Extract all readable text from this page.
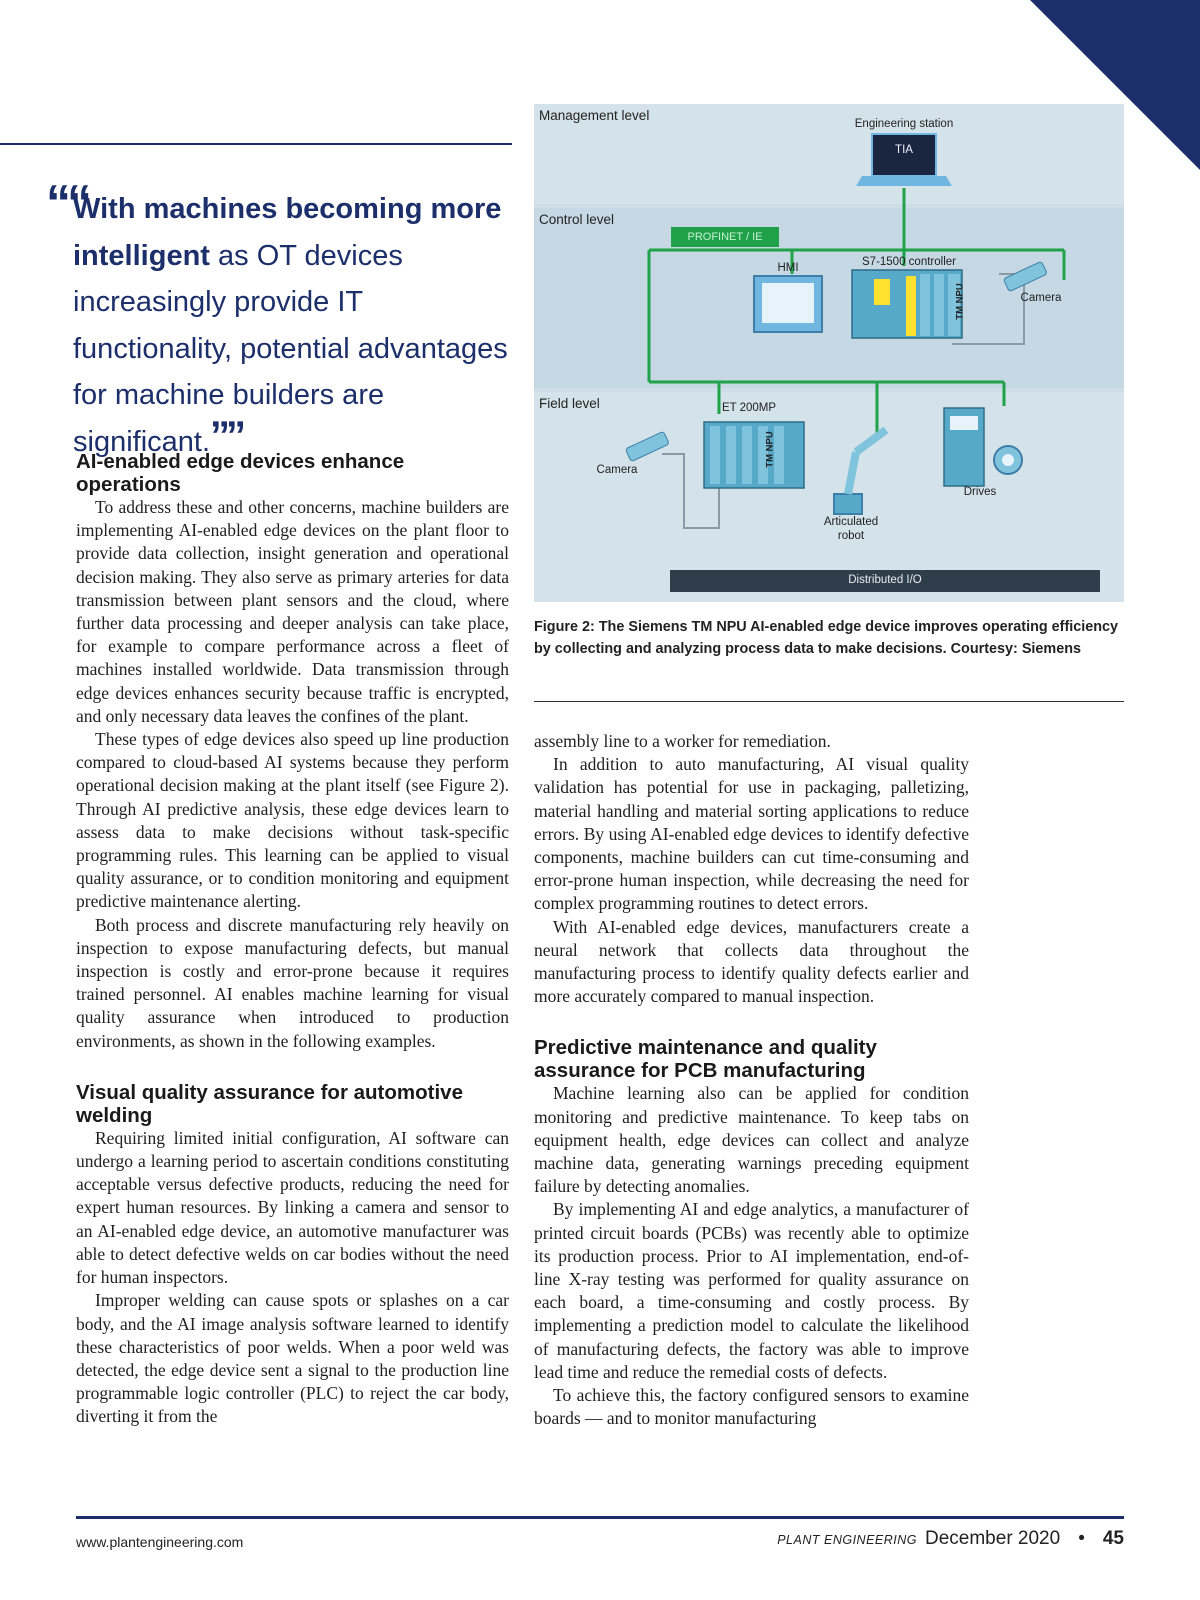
““
With machines becoming more intelligent as OT devices increasingly provide IT functionality, potential advantages for machine builders are significant.””
AI-enabled edge devices enhance operations

To address these and other concerns, machine builders are implementing AI-enabled edge devices on the plant floor to provide data collection, insight generation and operational decision making. They also serve as primary arteries for data transmission between plant sensors and the cloud, where further data processing and deeper analysis can take place, for example to compare performance across a fleet of machines installed worldwide. Data transmission through edge devices enhances security because traffic is encrypted, and only necessary data leaves the confines of the plant.

These types of edge devices also speed up line production compared to cloud-based AI systems because they perform operational decision making at the plant itself (see Figure 2). Through AI predictive analysis, these edge devices learn to assess data to make decisions without task-specific programming rules. This learning can be applied to visual quality assurance, or to condition monitoring and equipment predictive maintenance alerting.

Both process and discrete manufacturing rely heavily on inspection to expose manufacturing defects, but manual inspection is costly and error-prone because it requires trained personnel. AI enables machine learning for visual quality assurance when introduced to production environments, as shown in the following examples.

Visual quality assurance for automotive welding

Requiring limited initial configuration, AI software can undergo a learning period to ascertain conditions constituting acceptable versus defective products, reducing the need for expert human resources. By linking a camera and sensor to an AI-enabled edge device, an automotive manufacturer was able to detect defective welds on car bodies without the need for human inspectors.

Improper welding can cause spots or splashes on a car body, and the AI image analysis software learned to identify these characteristics of poor welds. When a poor weld was detected, the edge device sent a signal to the production line programmable logic controller (PLC) to reject the car body, diverting it from the

Management level
Control level
Field level
Engineering station
TIA
PROFINET / IE
HMI	S7-1500 controller
TM NPU	Camera
ET 200MP
TM NPU
Camera
Articulated
robot
Drives
Distributed I/O
Figure 2: The Siemens TM NPU AI-enabled edge device improves operating efficiency by collecting and analyzing process data to make decisions. Courtesy: Siemens

assembly line to a worker for remediation.

In addition to auto manufacturing, AI visual quality validation has potential for use in packaging, palletizing, material handling and material sorting applications to reduce errors. By using AI-enabled edge devices to identify defective components, machine builders can cut time-consuming and error-prone human inspection, while decreasing the need for complex programming routines to detect errors.

With AI-enabled edge devices, manufacturers create a neural network that collects data throughout the manufacturing process to identify quality defects earlier and more accurately compared to manual inspection.

Predictive maintenance and quality assurance for PCB manufacturing

Machine learning also can be applied for condition monitoring and predictive maintenance. To keep tabs on equipment health, edge devices can collect and analyze machine data, generating warnings preceding equipment failure by detecting anomalies.

By implementing AI and edge analytics, a manufacturer of printed circuit boards (PCBs) was recently able to optimize its production process. Prior to AI implementation, end-of-line X-ray testing was performed for quality assurance on each board, a time-consuming and costly process. By implementing a prediction model to calculate the likelihood of manufacturing defects, the factory was able to improve lead time and reduce the remedial costs of defects.

To achieve this, the factory configured sensors to examine boards — and to monitor manufacturing

www.plantengineering.com	PLANT ENGINEERING December 2020 • 45
